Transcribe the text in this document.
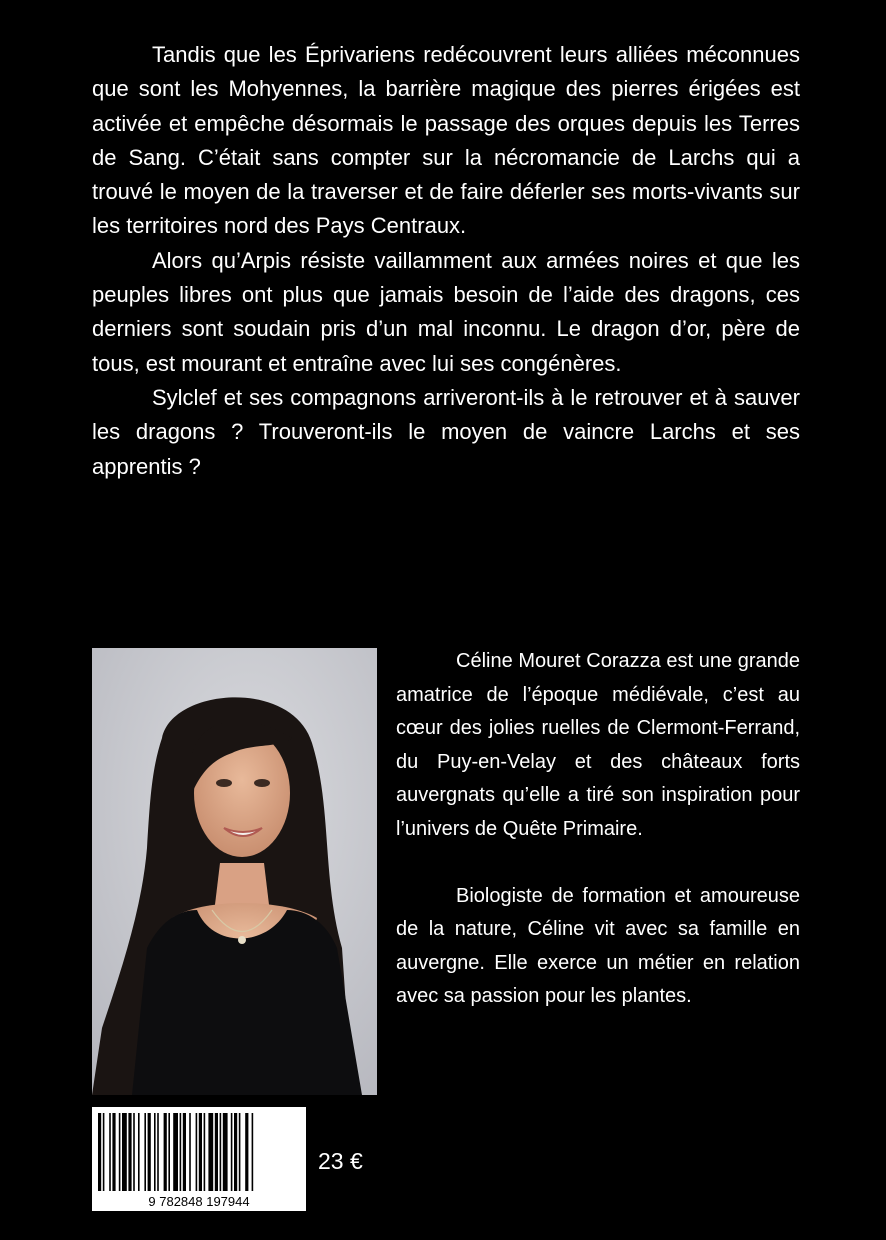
Tandis que les Éprivariens redécouvrent leurs alliées méconnues que sont les Mohyennes, la barrière magique des pierres érigées est activée et empêche désormais le passage des orques depuis les Terres de Sang. C’était sans compter sur la nécromancie de Larchs qui a trouvé le moyen de la traverser et de faire déferler ses morts-vivants sur les territoires nord des Pays Centraux.

Alors qu’Arpis résiste vaillamment aux armées noires et que les peuples libres ont plus que jamais besoin de l’aide des dragons, ces derniers sont soudain pris d’un mal inconnu. Le dragon d’or, père de tous, est mourant et entraîne avec lui ses congénères.

Sylclef et ses compagnons arriveront-ils à le retrouver et à sauver les dragons ? Trouveront-ils le moyen de vaincre Larchs et ses apprentis ?

Céline Mouret Corazza est une grande amatrice de l’époque médiévale, c’est au cœur des jolies ruelles de Clermont-Ferrand, du Puy-en-Velay et des châteaux forts auvergnats qu’elle a tiré son inspiration pour l’univers de Quête Primaire.

Biologiste de formation et amoureuse de la nature, Céline vit avec sa famille en auvergne. Elle exerce un métier en relation avec sa passion pour les plantes.

9 782848 197944
23 €
